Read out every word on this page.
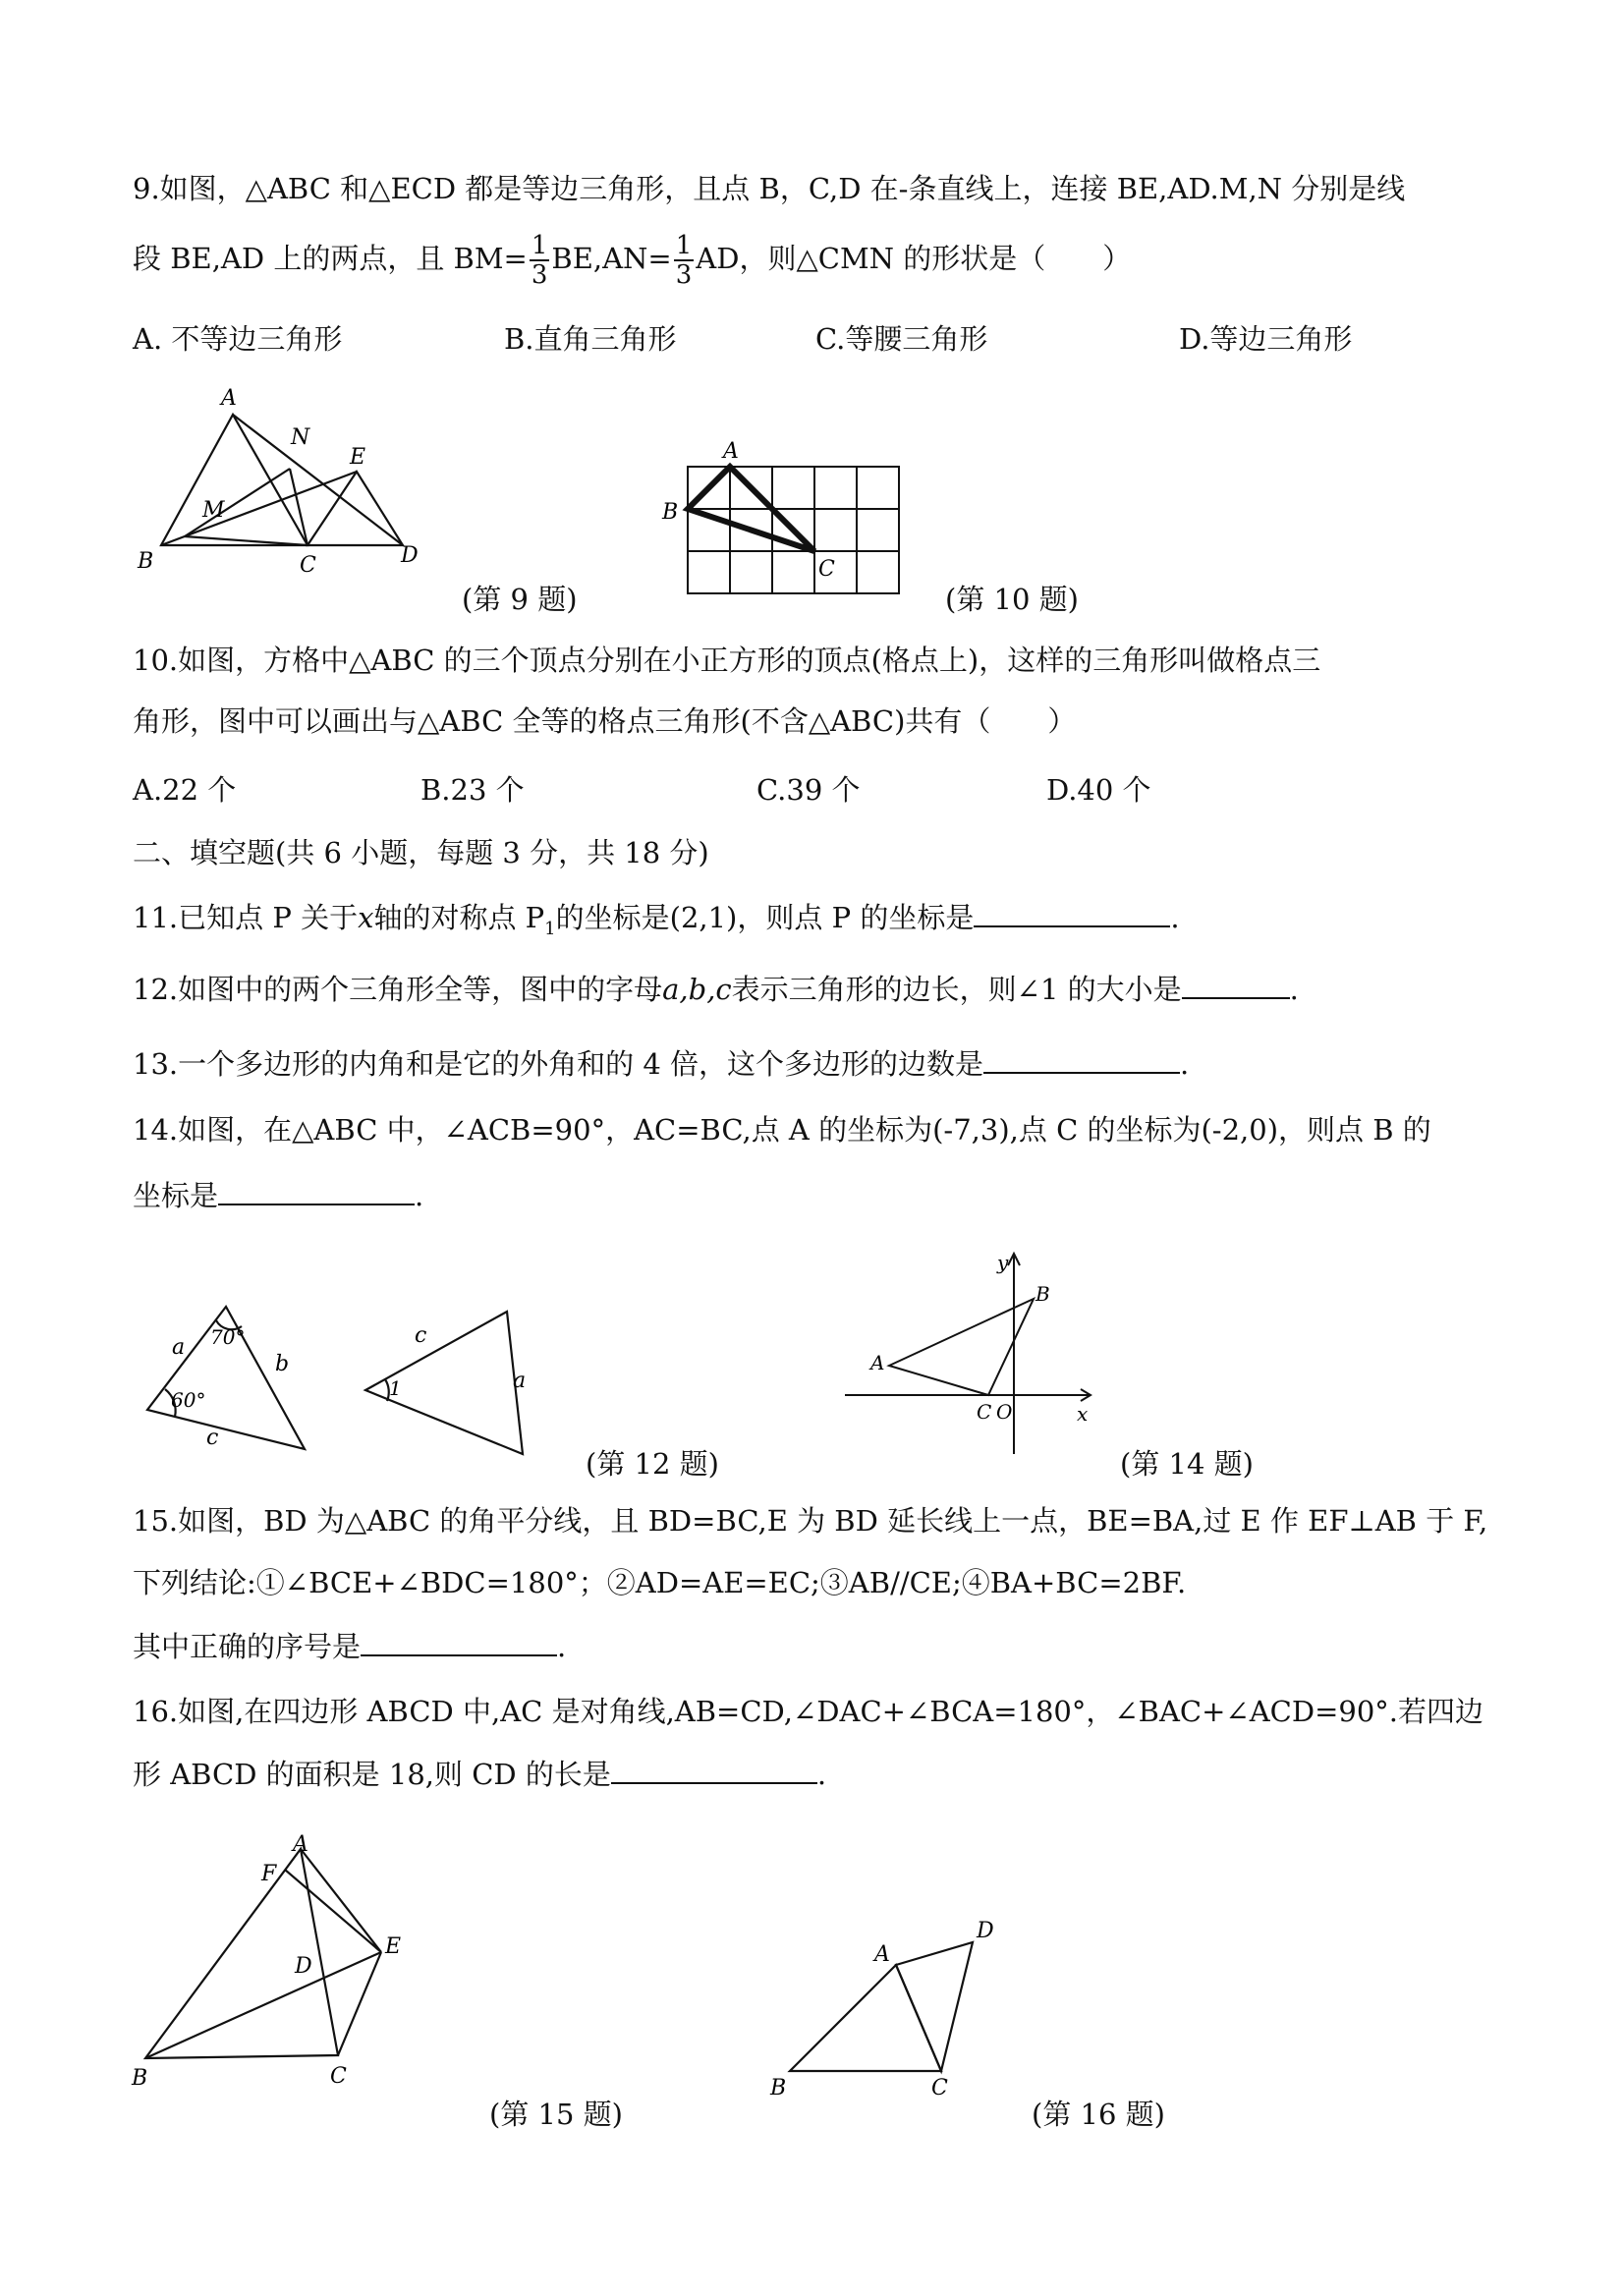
9.如图，△ABC 和△ECD 都是等边三角形，且点 B，C,D 在-条直线上，连接 BE,AD.M,N 分别是线
段 BE,AD 上的两点，且 $BM= \frac{1}{3} BE,AN= \frac{1}{3}$ AD，则△CMN 的形状是（　　）
A. 不等边三角形	B.直角三角形	C.等腰三角形	D.等边三角形
A
B	C	D
E
M
N
(第 9 题)
A
B
C
(第 10 题)
10.如图，方格中△ABC 的三个顶点分别在小正方形的顶点(格点上)，这样的三角形叫做格点三
角形，图中可以画出与△ABC 全等的格点三角形(不含△ABC)共有（　　）
A.22 个	B.23 个	C.39 个	D.40 个
二、填空题(共 6 小题，每题 3 分，共 18 分)
11.已知点 P 关于x轴的对称点 $P_1$的坐标是(2,1)，则点 P 的坐标是	.
12.如图中的两个三角形全等，图中的字母a,b,c表示三角形的边长，则∠1 的大小是	.
13.一个多边形的内角和是它的外角和的 4 倍，这个多边形的边数是	.
14.如图，在△ABC 中，∠ACB=90°，AC=BC,点 A 的坐标为(-7,3),点 C 的坐标为(-2,0)，则点 B 的
坐标是	.
a
b
c
70°
60°
c
a
1
(第 12 题)
y
x
A
B
C O
(第 14 题)
15.如图，BD 为△ABC 的角平分线，且 BD=BC,E 为 BD 延长线上一点，BE=BA,过 E 作 EF⊥AB 于 F,
下列结论:①∠BCE+∠BDC=180°；②AD=AE=EC;③AB//CE;④BA+BC=2BF.
其中正确的序号是	.
16.如图,在四边形 ABCD 中,AC 是对角线,AB=CD,∠DAC+∠BCA=180°，∠BAC+∠ACD=90°.若四边
形 ABCD 的面积是 18,则 CD 的长是	.
A
B	C
D
E
F
(第 15 题)
A
B	C
D
(第 16 题)
